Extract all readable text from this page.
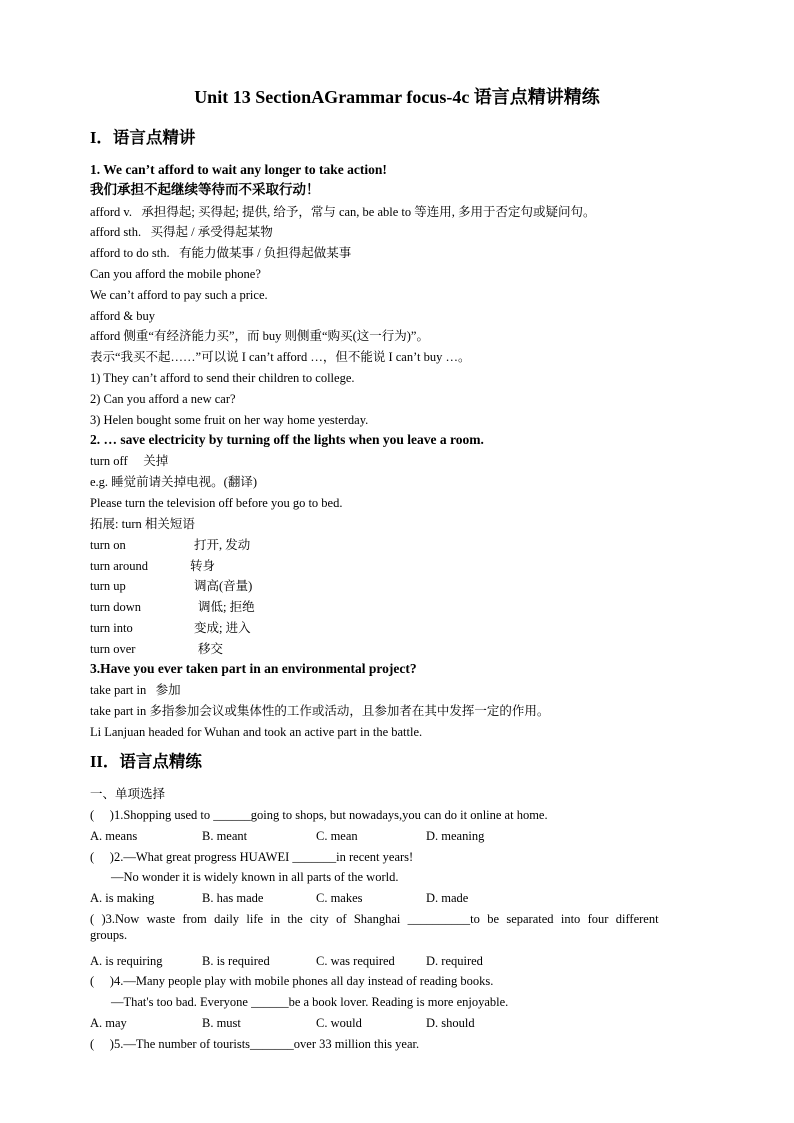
Unit 13 SectionAGrammar focus-4c 语言点精讲精练
I．语言点精讲
1. We can’t afford to wait any longer to take action!
我们承担不起继续等待而不采取行动！
afford v.   承担得起; 买得起; 提供, 给予，常与 can, be able to 等连用, 多用于否定句或疑问句。
afford sth.   买得起 / 承受得起某物
afford to do sth.   有能力做某事 / 负担得起做某事
Can you afford the mobile phone?
We can’t afford to pay such a price.
afford & buy
afford 侧重“有经济能力买”，而 buy 则侧重“购买(这一行为)”。
表示“我买不起……”可以说 I can’t afford …，但不能说 I can’t buy …。
1) They can’t afford to send their children to college.
2) Can you afford a new car?
3) Helen bought some fruit on her way home yesterday.
2. … save electricity by turning off the lights when you leave a room.
turn off     关掉
e.g. 睡觉前请关掉电视。(翻译)
Please turn the television off before you go to bed.
拓展: turn 相关短语
turn on	打开, 发动
turn around	转身
turn up	调高(音量)
turn down	调低; 拒绝
turn into	变成; 进入
turn over	移交
3.Have you ever taken part in an environmental project?
take part in   参加
take part in 多指参加会议或集体性的工作或活动，且参加者在其中发挥一定的作用。
Li Lanjuan headed for Wuhan and took an active part in the battle.
II．语言点精练
一、单项选择
(     )1.Shopping used to ______going to shops, but nowadays,you can do it online at home.
A. means	B. meant	C. mean	D. meaning
(     )2.—What great progress HUAWEI _______in recent years!
—No wonder it is widely known in all parts of the world.
A. is making	B. has made	C. makes	D. made
( )3.Now waste from daily life in the city of Shanghai __________to be separated into four different groups.
A. is requiring	B. is required	C. was required D. required
(     )4.—Many people play with mobile phones all day instead of reading books.
—That's too bad. Everyone ______be a book lover. Reading is more enjoyable.
A. may	B. must	C. would	D. should
(     )5.—The number of tourists_______over 33 million this year.
